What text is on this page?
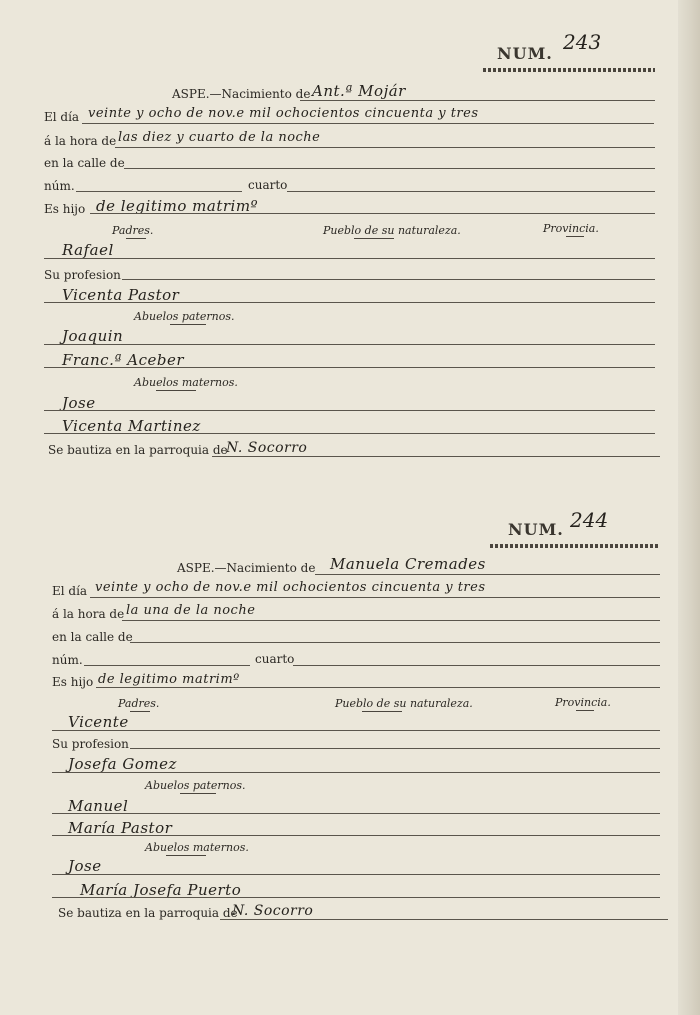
NUM. 243
ASPE.—Nacimiento de Ant.ª Mojár
El día veinte y ocho de nov.e mil ochocientos cincuenta y tres
á la hora de las diez y cuarto de la noche
en la calle de
núm.	cuarto
Es hijo de legitimo matrimº
Padres.	Pueblo de su naturaleza.	Provincia.
Rafael
Su profesion
Vicenta Pastor
Abuelos paternos.
Joaquin
Franc.ª Aceber
Abuelos maternos.
Jose
Vicenta Martinez
Se bautiza en la parroquia de
N. Socorro
NUM. 244
ASPE.—Nacimiento de Manuela Cremades
El día veinte y ocho de nov.e mil ochocientos cincuenta y tres
á la hora de la una de la noche
en la calle de
núm.	cuarto
Es hijo de legitimo matrimº
Padres.	Pueblo de su naturaleza.	Provincia.
Vicente
Su profesion
Josefa Gomez
Abuelos paternos.
Manuel
María Pastor
Abuelos maternos.
Jose
María Josefa Puerto
Se bautiza en la parroquia de
N. Socorro
